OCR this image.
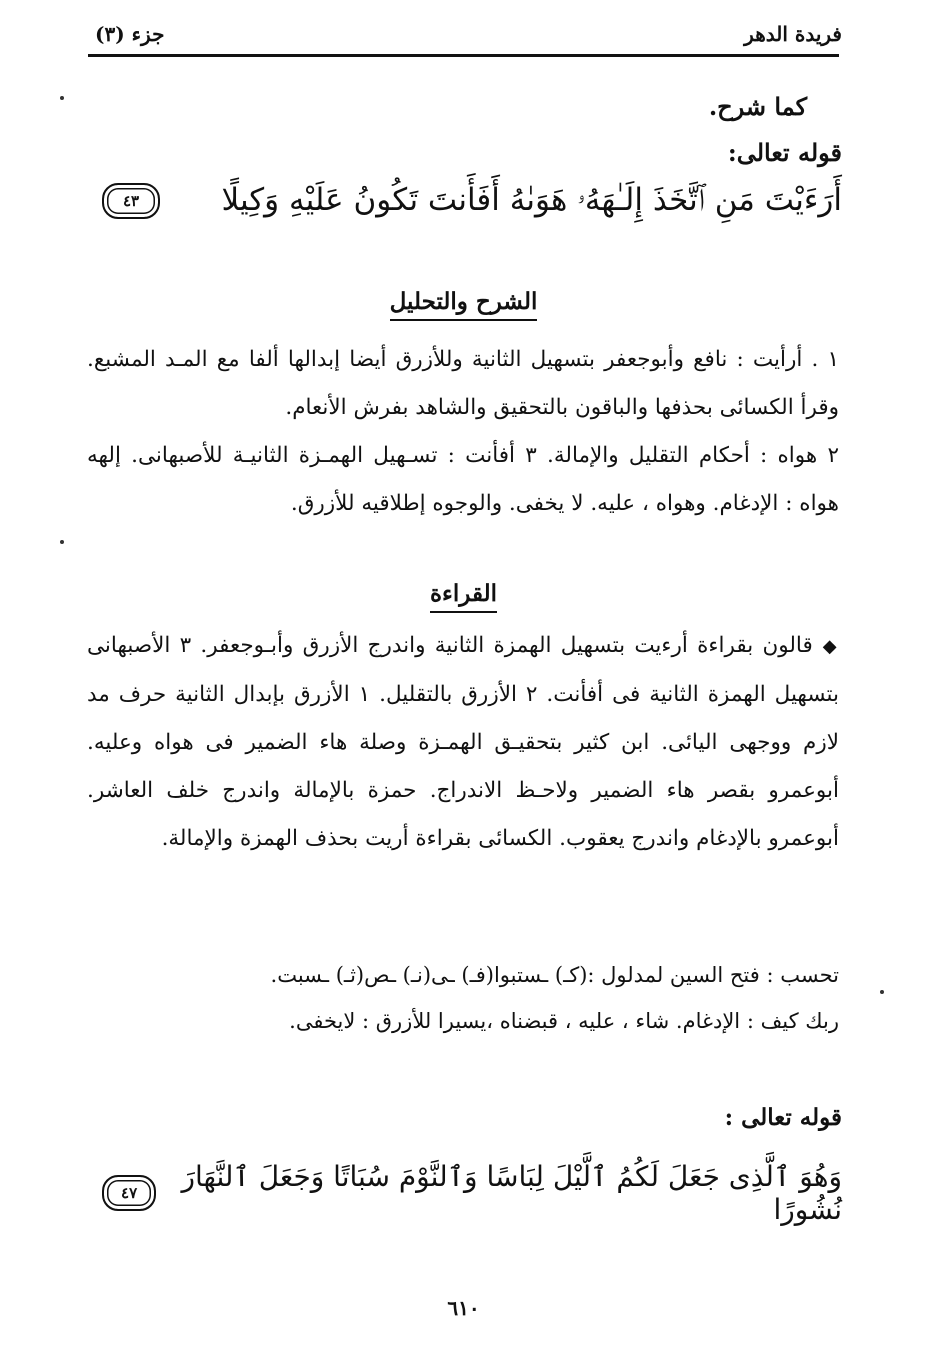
فريدة الدهر
جزء (٣)
كما شرح.
قوله تعالى:
أَرَءَيْتَ مَنِ ٱتَّخَذَ إِلَـٰهَهُۥ هَوَىٰهُ أَفَأَنتَ تَكُونُ عَلَيْهِ وَكِيلًا
٤٣
الشرح والتحليل
١ . أرأيت : نافع وأبوجعفر بتسهيل الثانية وللأزرق أيضا إبدالها ألفا مع المـد المشبع. وقرأ الكسائى بحذفها والباقون بالتحقيق والشاهد بفرش الأنعام.
٢ هواه : أحكام التقليل والإمالة. ٣ أفأنت : تسـهيل الهمـزة الثانيـة للأصبهانى. إلهه هواه : الإدغام. وهواه ، عليه. لا يخفى. والوجوه إطلاقيه للأزرق.
القراءة
◆قالون بقراءة أرءيت بتسهيل الهمزة الثانية واندرج الأزرق وأبـوجعفر. ٣ الأصبهانى بتسهيل الهمزة الثانية فى أفأنت. ٢ الأزرق بالتقليل. ١ الأزرق بإبدال الثانية حرف مد لازم ووجهى اليائى. ابن كثير بتحقيـق الهمـزة وصلة هاء الضمير فى هواه وعليه. أبوعمرو بقصر هاء الضمير ولاحـظ الاندراج. حمزة بالإمالة واندرج خلف العاشر. أبوعمرو بالإدغام واندرج يعقوب. الكسائى بقراءة أريت بحذف الهمزة والإمالة.
تحسب : فتح السين لمدلول :(كـ) ـستبوا(فـ) ـى(نـ) ـص(ثـ) ـسبت.
ربك كيف : الإدغام. شاء ، عليه ، قبضناه ،يسيرا للأزرق : لايخفى.
قوله تعالى :
وَهُوَ ٱلَّذِى جَعَلَ لَكُمُ ٱلَّيْلَ لِبَاسًا وَٱلنَّوْمَ سُبَاتًا وَجَعَلَ ٱلنَّهَارَ نُشُورًا
٤٧
٦١٠
